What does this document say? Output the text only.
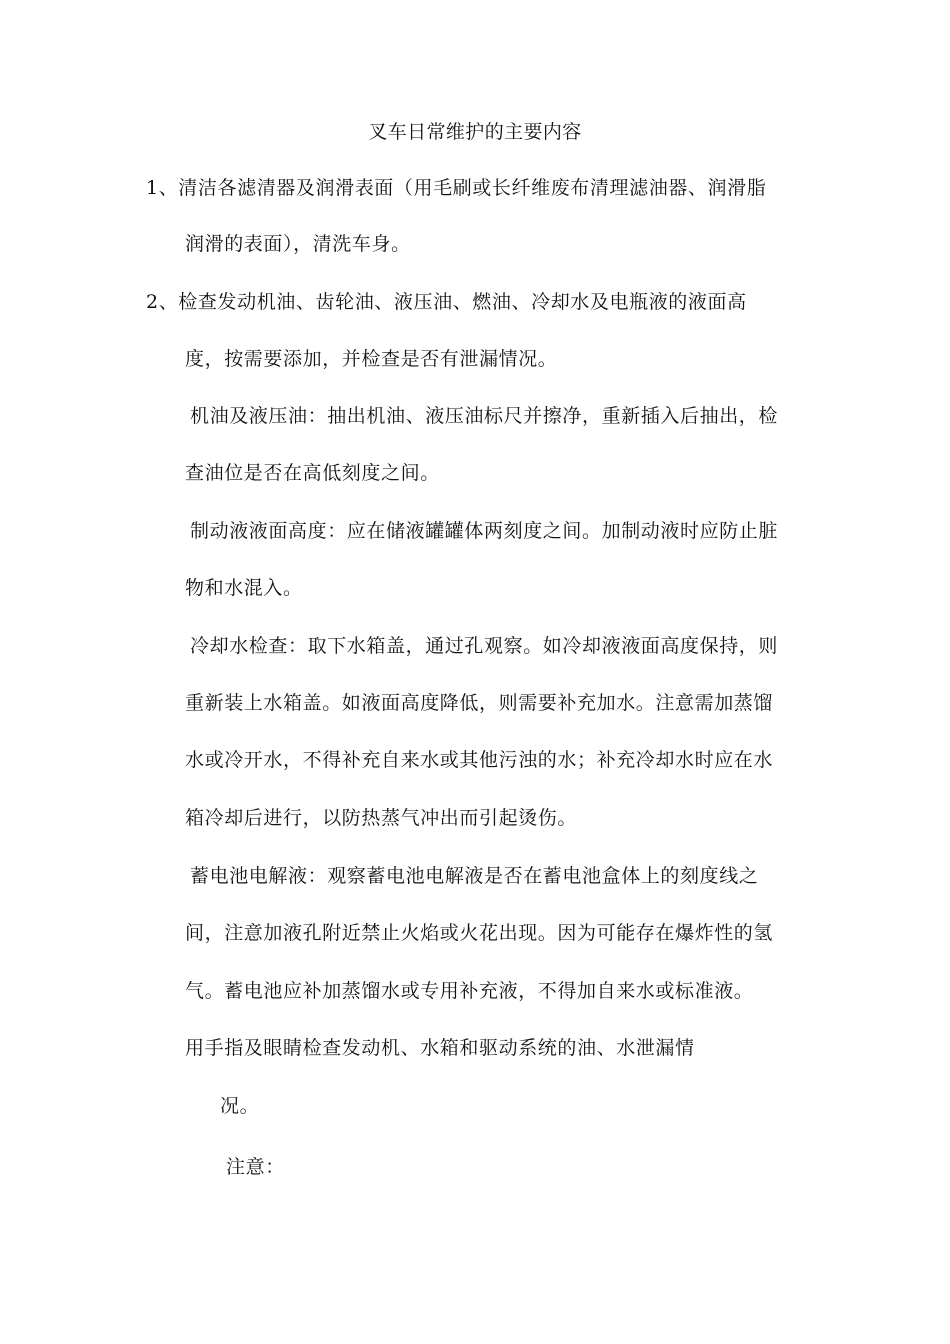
叉车日常维护的主要内容
1、清洁各滤清器及润滑表面（用毛刷或长纤维废布清理滤油器、润滑脂
润滑的表面），清洗车身。
2、检查发动机油、齿轮油、液压油、燃油、冷却水及电瓶液的液面高
度，按需要添加，并检查是否有泄漏情况。
机油及液压油：抽出机油、液压油标尺并擦净，重新插入后抽出，检
查油位是否在高低刻度之间。
制动液液面高度：应在储液罐罐体两刻度之间。加制动液时应防止脏
物和水混入。
冷却水检查：取下水箱盖，通过孔观察。如冷却液液面高度保持，则
重新装上水箱盖。如液面高度降低，则需要补充加水。注意需加蒸馏
水或冷开水，不得补充自来水或其他污浊的水；补充冷却水时应在水
箱冷却后进行，以防热蒸气冲出而引起烫伤。
蓄电池电解液：观察蓄电池电解液是否在蓄电池盒体上的刻度线之
间，注意加液孔附近禁止火焰或火花出现。因为可能存在爆炸性的氢
气。蓄电池应补加蒸馏水或专用补充液，不得加自来水或标准液。
用手指及眼睛检查发动机、水箱和驱动系统的油、水泄漏情
况。
注意：
